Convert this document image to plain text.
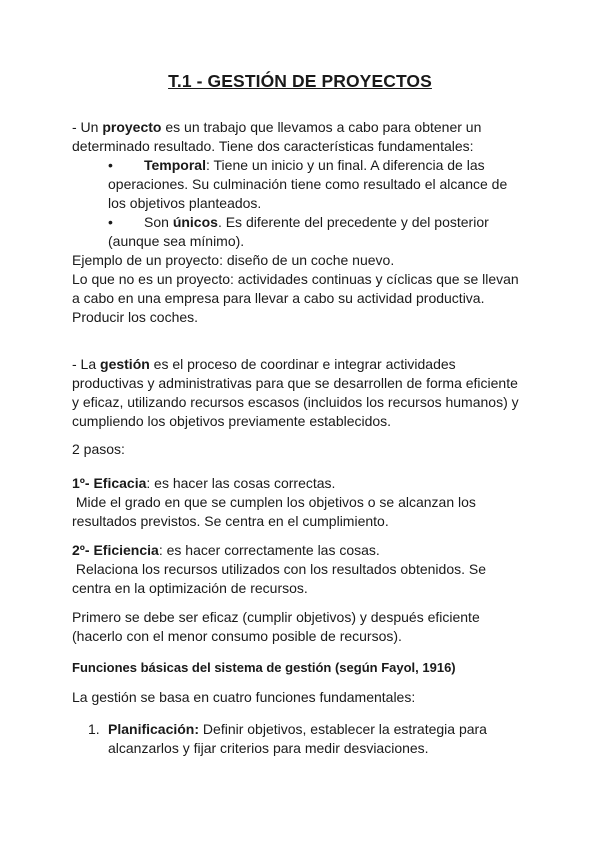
T.1 - GESTIÓN DE PROYECTOS

- Un proyecto es un trabajo que llevamos a cabo para obtener un

determinado resultado. Tiene dos características fundamentales:

•	Temporal: Tiene un inicio y un final. A diferencia de las

operaciones. Su culminación tiene como resultado el alcance de

los objetivos planteados.

•	Son únicos. Es diferente del precedente y del posterior

(aunque sea mínimo).

Ejemplo de un proyecto: diseño de un coche nuevo.

Lo que no es un proyecto: actividades continuas y cíclicas que se llevan

a cabo en una empresa para llevar a cabo su actividad productiva.

Producir los coches.

- La gestión es el proceso de coordinar e integrar actividades

productivas y administrativas para que se desarrollen de forma eficiente

y eficaz, utilizando recursos escasos (incluidos los recursos humanos) y

cumpliendo los objetivos previamente establecidos.

2 pasos:

1º- Eficacia: es hacer las cosas correctas.

Mide el grado en que se cumplen los objetivos o se alcanzan los

resultados previstos. Se centra en el cumplimiento.

2º- Eficiencia: es hacer correctamente las cosas.

Relaciona los recursos utilizados con los resultados obtenidos. Se

centra en la optimización de recursos.

Primero se debe ser eficaz (cumplir objetivos) y después eficiente

(hacerlo con el menor consumo posible de recursos).

Funciones básicas del sistema de gestión (según Fayol, 1916)
La gestión se basa en cuatro funciones fundamentales:
1. Planificación: Definir objetivos, establecer la estrategia para

alcanzarlos y fijar criterios para medir desviaciones.
